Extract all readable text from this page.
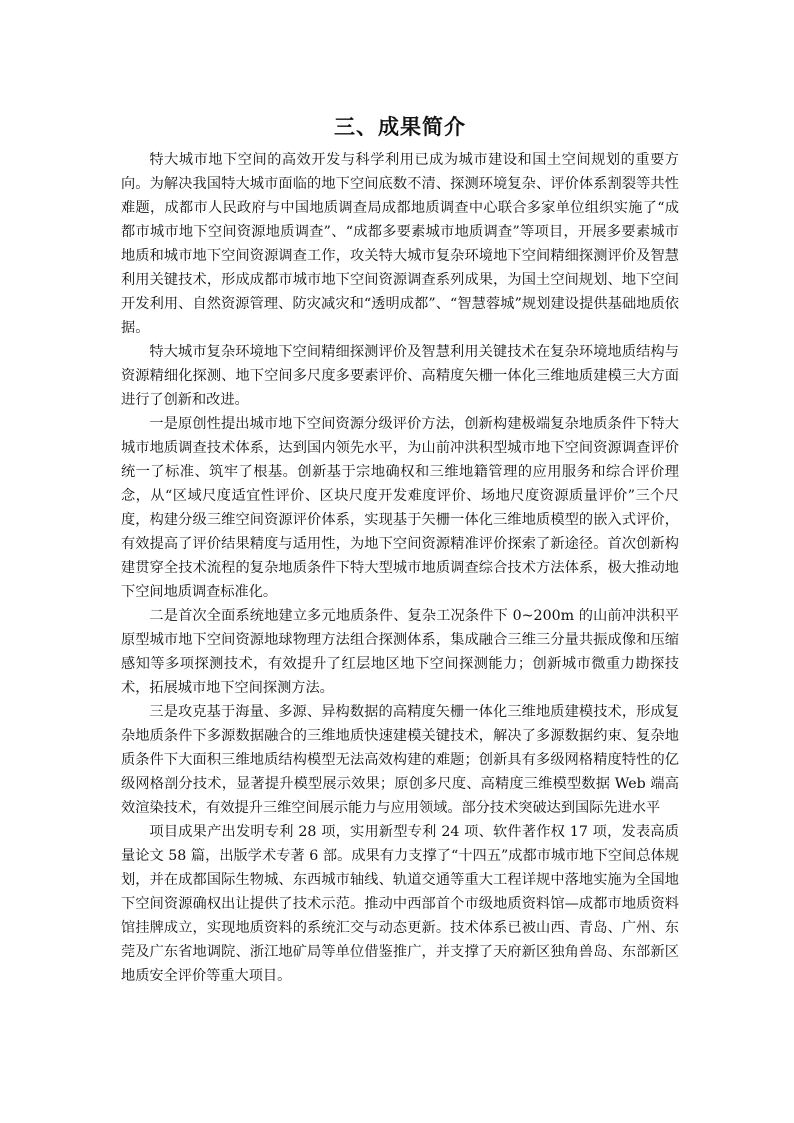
三、成果简介

特大城市地下空间的高效开发与科学利用已成为城市建设和国土空间规划的重要方向。为解决我国特大城市面临的地下空间底数不清、探测环境复杂、评价体系割裂等共性难题，成都市人民政府与中国地质调查局成都地质调查中心联合多家单位组织实施了“成都市城市地下空间资源地质调查”、“成都多要素城市地质调查”等项目，开展多要素城市地质和城市地下空间资源调查工作，攻关特大城市复杂环境地下空间精细探测评价及智慧利用关键技术，形成成都市城市地下空间资源调查系列成果，为国土空间规划、地下空间开发利用、自然资源管理、防灾减灾和“透明成都”、“智慧蓉城”规划建设提供基础地质依据。

特大城市复杂环境地下空间精细探测评价及智慧利用关键技术在复杂环境地质结构与资源精细化探测、地下空间多尺度多要素评价、高精度矢栅一体化三维地质建模三大方面进行了创新和改进。

一是原创性提出城市地下空间资源分级评价方法，创新构建极端复杂地质条件下特大城市地质调查技术体系，达到国内领先水平，为山前冲洪积型城市地下空间资源调查评价统一了标准、筑牢了根基。创新基于宗地确权和三维地籍管理的应用服务和综合评价理念，从“区域尺度适宜性评价、区块尺度开发难度评价、场地尺度资源质量评价”三个尺度，构建分级三维空间资源评价体系，实现基于矢栅一体化三维地质模型的嵌入式评价，有效提高了评价结果精度与适用性，为地下空间资源精准评价探索了新途径。首次创新构建贯穿全技术流程的复杂地质条件下特大型城市地质调查综合技术方法体系，极大推动地下空间地质调查标准化。

二是首次全面系统地建立多元地质条件、复杂工况条件下 0~200m 的山前冲洪积平原型城市地下空间资源地球物理方法组合探测体系，集成融合三维三分量共振成像和压缩感知等多项探测技术，有效提升了红层地区地下空间探测能力；创新城市微重力勘探技术，拓展城市地下空间探测方法。

三是攻克基于海量、多源、异构数据的高精度矢栅一体化三维地质建模技术，形成复杂地质条件下多源数据融合的三维地质快速建模关键技术，解决了多源数据约束、复杂地质条件下大面积三维地质结构模型无法高效构建的难题；创新具有多级网格精度特性的亿级网格剖分技术，显著提升模型展示效果；原创多尺度、高精度三维模型数据 Web 端高效渲染技术，有效提升三维空间展示能力与应用领域。部分技术突破达到国际先进水平

项目成果产出发明专利 28 项，实用新型专利 24 项、软件著作权 17 项，发表高质量论文 58 篇，出版学术专著 6 部。成果有力支撑了“十四五”成都市城市地下空间总体规划，并在成都国际生物城、东西城市轴线、轨道交通等重大工程详规中落地实施为全国地下空间资源确权出让提供了技术示范。推动中西部首个市级地质资料馆—成都市地质资料馆挂牌成立，实现地质资料的系统汇交与动态更新。技术体系已被山西、青岛、广州、东莞及广东省地调院、浙江地矿局等单位借鉴推广，并支撑了天府新区独角兽岛、东部新区地质安全评价等重大项目。
